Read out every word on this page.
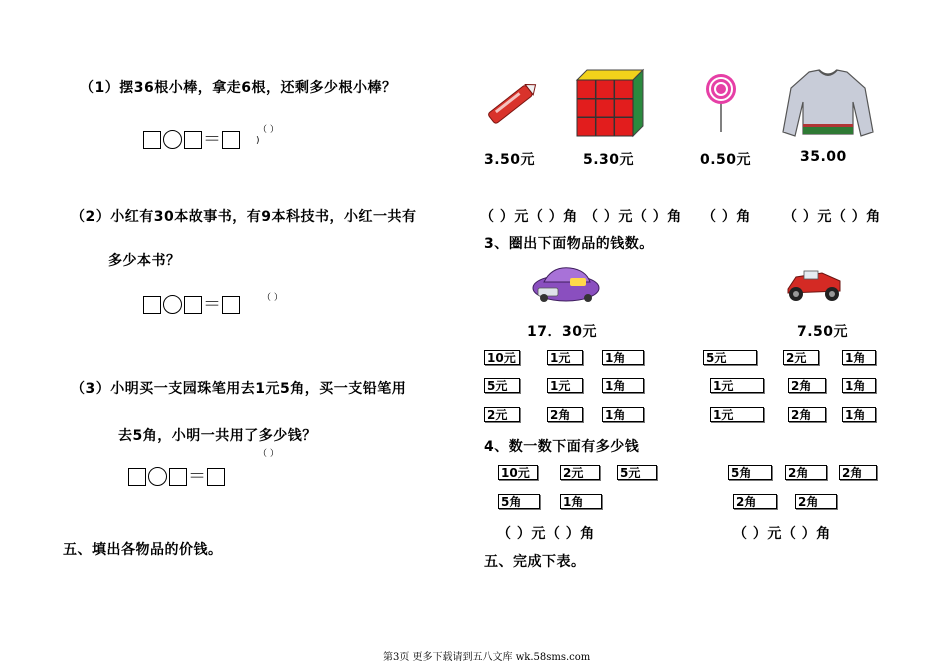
（1）摆36根小棒，拿走6根，还剩多少根小棒？
＝	（ ）
)
（2）小红有30本故事书，有9本科技书，小红一共有
多少本书？
＝	（ ）
（3）小明买一支园珠笔用去1元5角，买一支铅笔用
去5角，小明一共用了多少钱？
（ ）
＝
五、填出各物品的价钱。
3.50元	5.30元	0.50元	35.00
（ ）元（ ）角 （ ）元（ ）角 （ ）角 （ ）元（ ）角
3、圈出下面物品的钱数。
17．30元	7.50元
10元	1元	1角
5元	1元	1角
2元	2角	1角
5元	2元	1角
1元	2角	1角
1元	2角	1角
4、数一数下面有多少钱
10元	2元	5元
5角	1角
5角	2角	2角
2角	2角
（ ）元（ ）角	（ ）元（ ）角
五、完成下表。
第3页 更多下载请到五八文库 wk.58sms.com
